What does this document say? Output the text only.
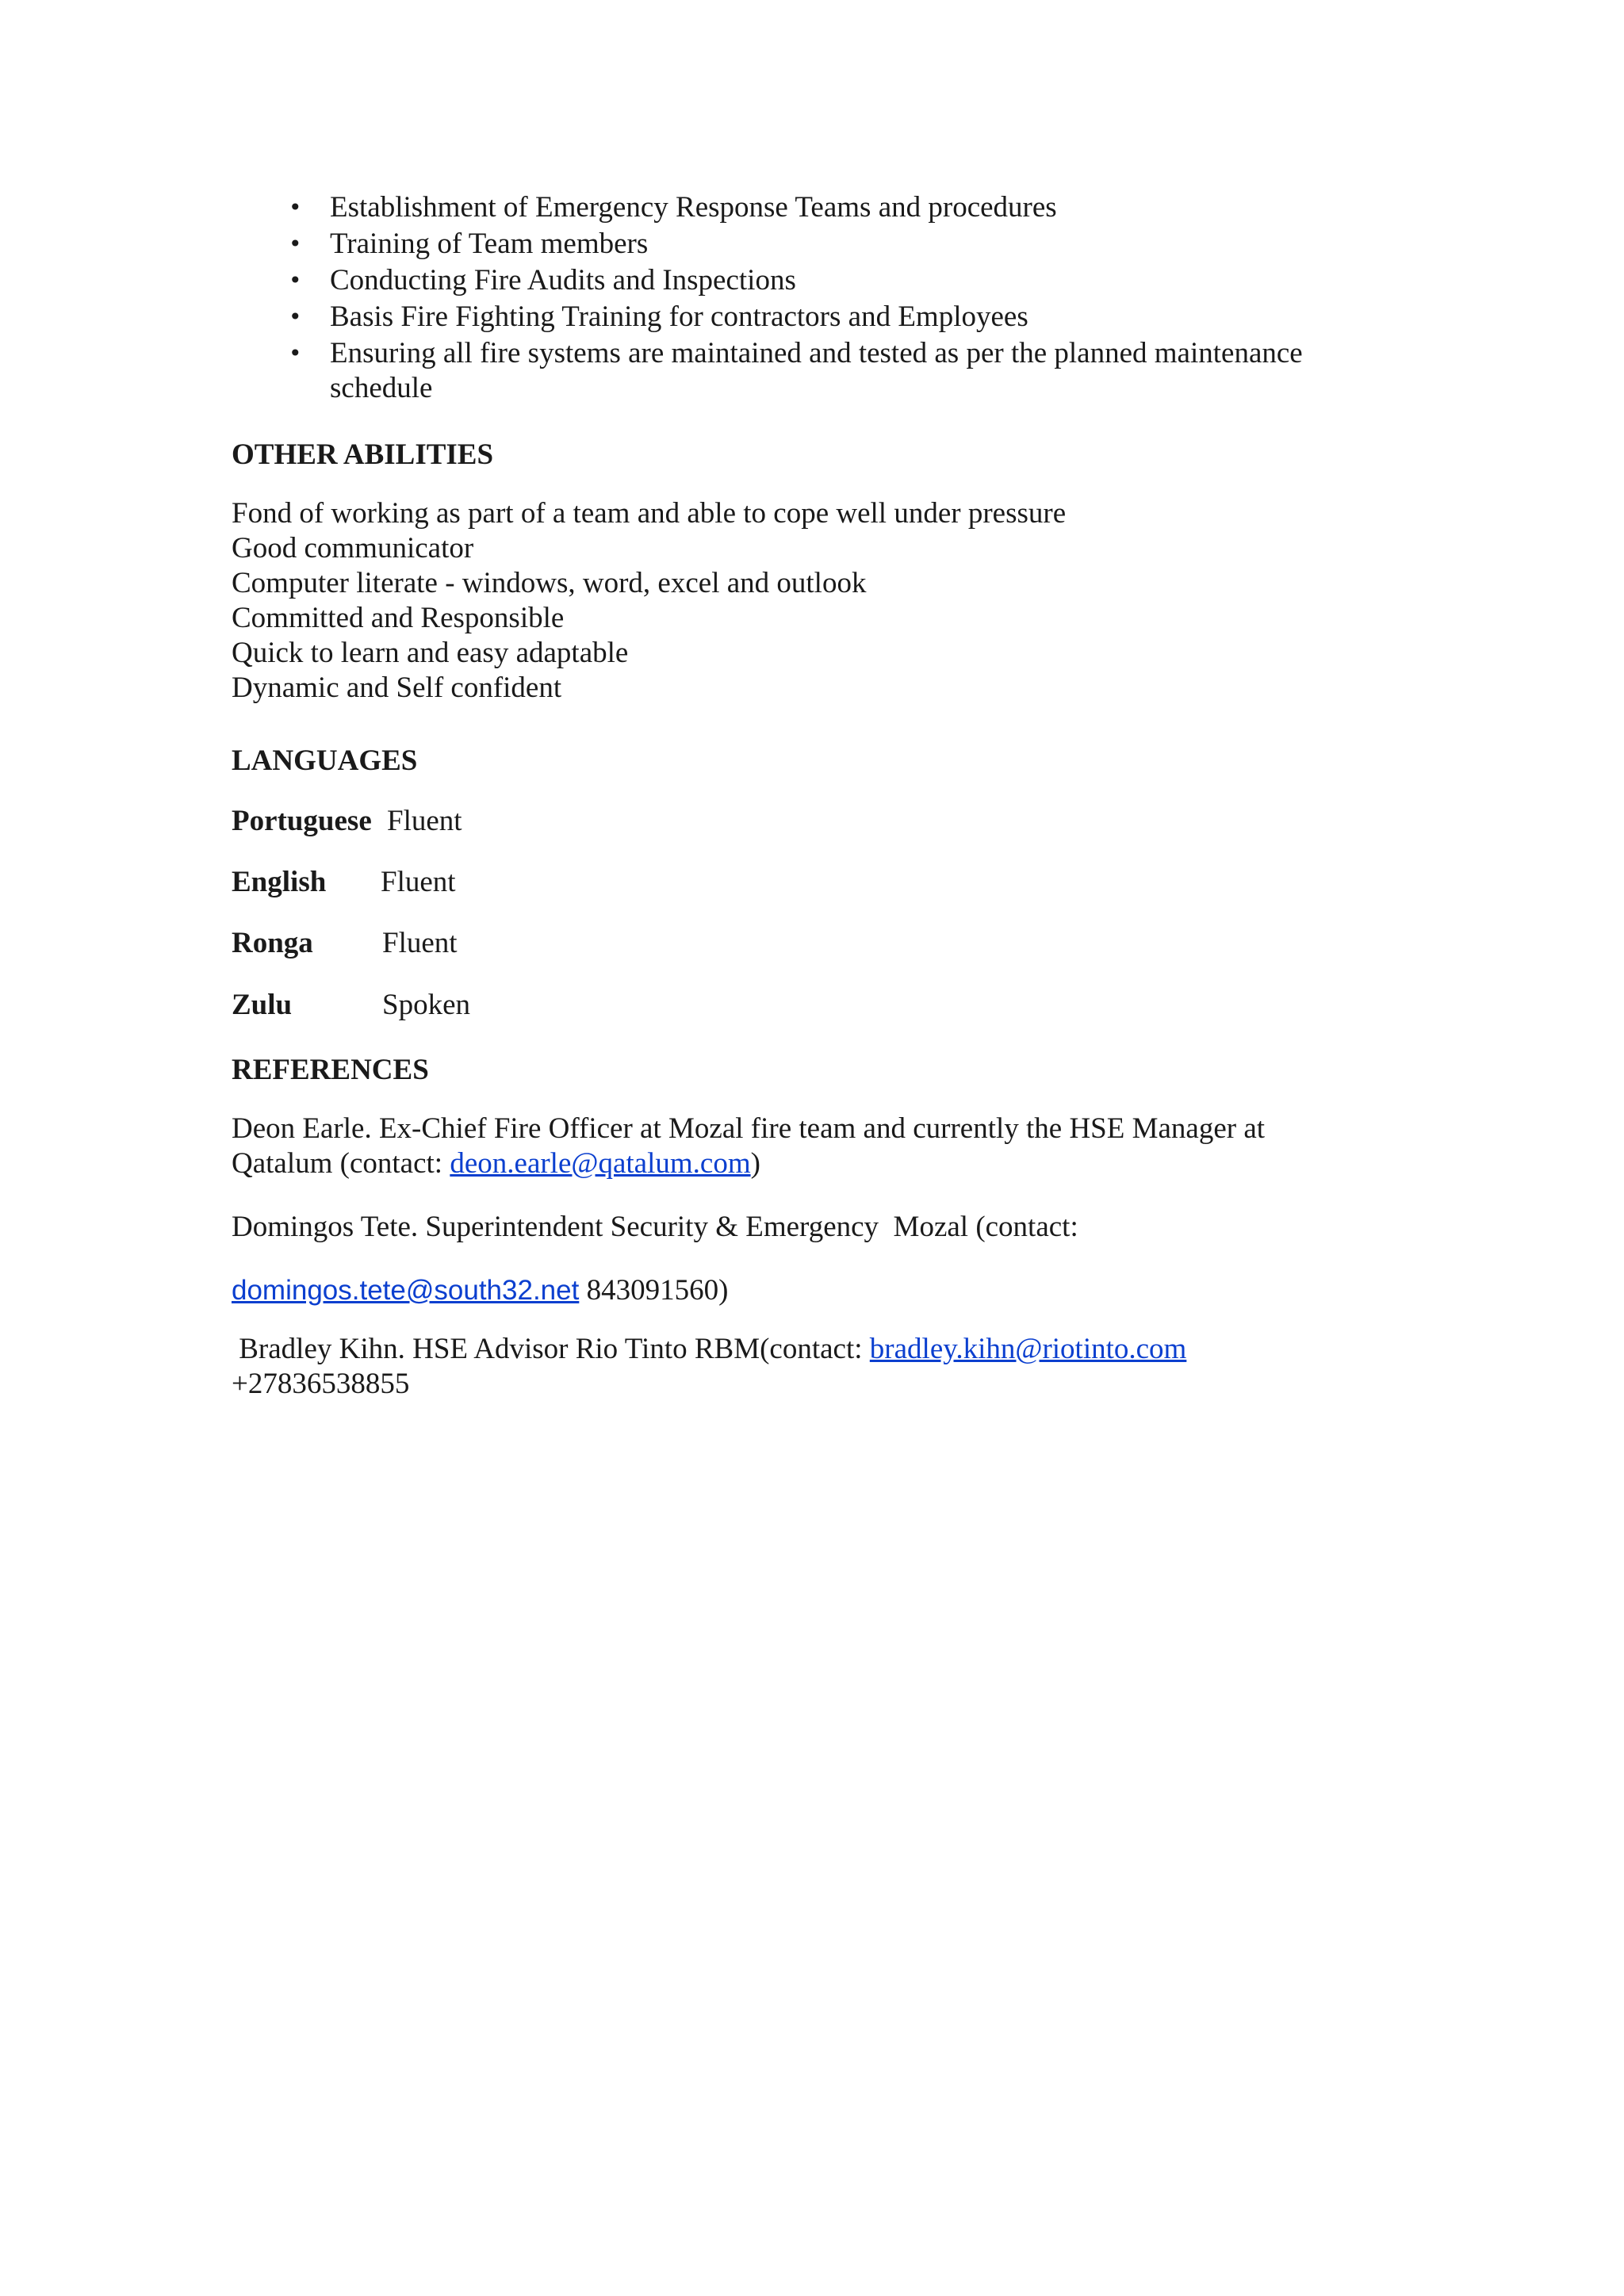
• Establishment of Emergency Response Teams and procedures
• Training of Team members
• Conducting Fire Audits and Inspections
• Basis Fire Fighting Training for contractors and Employees
• Ensuring all fire systems are maintained and tested as per the planned maintenance schedule
OTHER ABILITIES
Fond of working as part of a team and able to cope well under pressure
Good communicator
Computer literate - windows, word, excel and outlook
Committed and Responsible
Quick to learn and easy adaptable
Dynamic and Self confident
LANGUAGES
Portuguese Fluent
English Fluent
Ronga Fluent
Zulu	Spoken
REFERENCES
Deon Earle. Ex-Chief Fire Officer at Mozal fire team and currently the HSE Manager at Qatalum (contact: deon.earle@qatalum.com)
Domingos Tete. Superintendent Security & Emergency  Mozal (contact:
domingos.tete@south32.net 843091560)
Bradley Kihn. HSE Advisor Rio Tinto RBM(contact: bradley.kihn@riotinto.com
+27836538855
